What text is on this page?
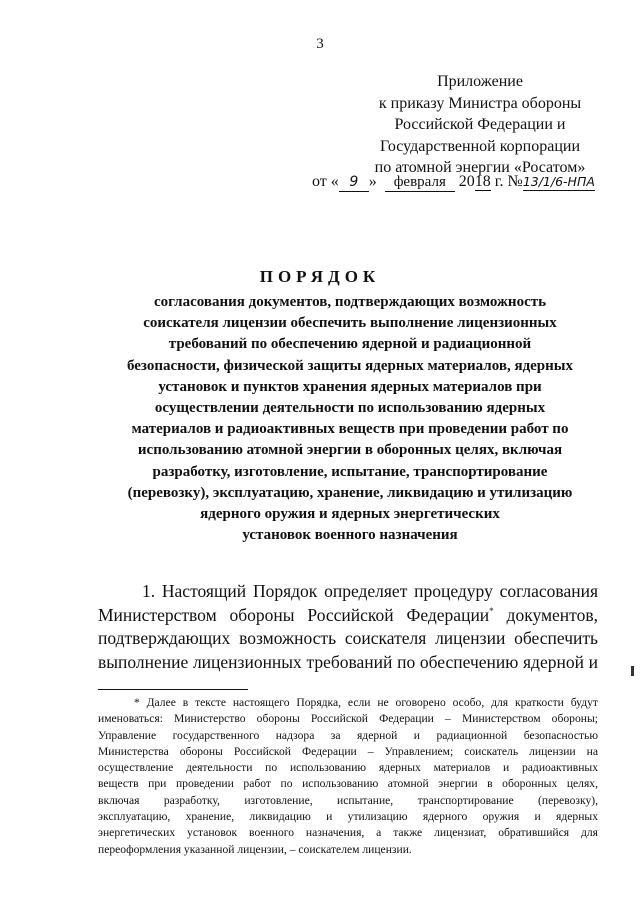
3
Приложение
к приказу Министра обороны
Российской Федерации и
Государственной корпорации
по атомной энергии «Росатом»
от « 9 » февраля 2018 г. №13/1/6-НПА
ПОРЯДОК
согласования документов, подтверждающих возможность
соискателя лицензии обеспечить выполнение лицензионных
требований по обеспечению ядерной и радиационной
безопасности, физической защиты ядерных материалов, ядерных
установок и пунктов хранения ядерных материалов при
осуществлении деятельности по использованию ядерных
материалов и радиоактивных веществ при проведении работ по
использованию атомной энергии в оборонных целях, включая
разработку, изготовление, испытание, транспортирование
(перевозку), эксплуатацию, хранение, ликвидацию и утилизацию
ядерного оружия и ядерных энергетических
установок военного назначения
1. Настоящий Порядок определяет процедуру согласования
Министерством обороны Российской Федерации* документов,
подтверждающих возможность соискателя лицензии обеспечить
выполнение лицензионных требований по обеспечению ядерной и
* Далее в тексте настоящего Порядка, если не оговорено особо, для краткости будут
именоваться: Министерство обороны Российской Федерации – Министерством обороны;
Управление государственного надзора за ядерной и радиационной безопасностью
Министерства обороны Российской Федерации – Управлением; соискатель лицензии на
осуществление деятельности по использованию ядерных материалов и радиоактивных
веществ при проведении работ по использованию атомной энергии в оборонных целях,
включая разработку, изготовление, испытание, транспортирование (перевозку),
эксплуатацию, хранение, ликвидацию и утилизацию ядерного оружия и ядерных
энергетических установок военного назначения, а также лицензиат, обратившийся для
переоформления указанной лицензии, – соискателем лицензии.
